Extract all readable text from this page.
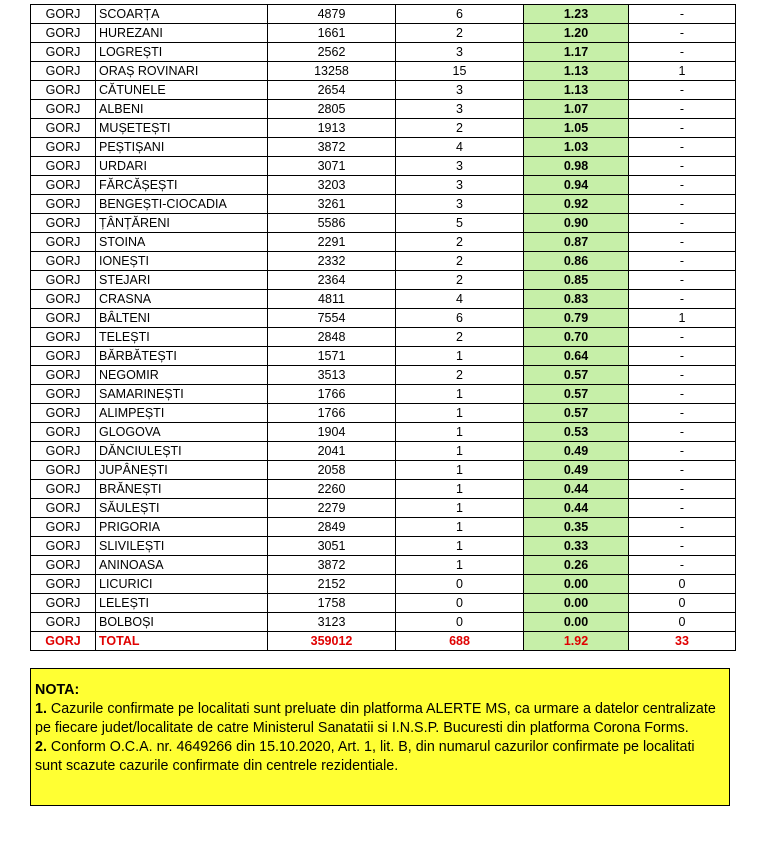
GORJ	SCOARȚA	4879	6	1.23	-
GORJ	HUREZANI	1661	2	1.20	-
GORJ	LOGREȘTI	2562	3	1.17	-
GORJ	ORAȘ ROVINARI	13258	15	1.13	1
GORJ	CĂTUNELE	2654	3	1.13	-
GORJ	ALBENI	2805	3	1.07	-
GORJ	MUȘETEȘTI	1913	2	1.05	-
GORJ	PEȘTIȘANI	3872	4	1.03	-
GORJ	URDARI	3071	3	0.98	-
GORJ	FĂRCĂȘEȘTI	3203	3	0.94	-
GORJ	BENGEȘTI-CIOCADIA	3261	3	0.92	-
GORJ	ȚÂNȚĂRENI	5586	5	0.90	-
GORJ	STOINA	2291	2	0.87	-
GORJ	IONEȘTI	2332	2	0.86	-
GORJ	STEJARI	2364	2	0.85	-
GORJ	CRASNA	4811	4	0.83	-
GORJ	BÂLTENI	7554	6	0.79	1
GORJ	TELEȘTI	2848	2	0.70	-
GORJ	BĂRBĂTEȘTI	1571	1	0.64	-
GORJ	NEGOMIR	3513	2	0.57	-
GORJ	SAMARINEȘTI	1766	1	0.57	-
GORJ	ALIMPEȘTI	1766	1	0.57	-
GORJ	GLOGOVA	1904	1	0.53	-
GORJ	DĂNCIULEȘTI	2041	1	0.49	-
GORJ	JUPÂNEȘTI	2058	1	0.49	-
GORJ	BRĂNEȘTI	2260	1	0.44	-
GORJ	SĂULEȘTI	2279	1	0.44	-
GORJ	PRIGORIA	2849	1	0.35	-
GORJ	SLIVILEȘTI	3051	1	0.33	-
GORJ	ANINOASA	3872	1	0.26	-
GORJ	LICURICI	2152	0	0.00	0
GORJ	LELEȘTI	1758	0	0.00	0
GORJ	BOLBOȘI	3123	0	0.00	0
GORJ	TOTAL	359012	688	1.92	33

NOTA:

1. Cazurile confirmate pe localitati sunt preluate din platforma ALERTE MS, ca urmare a datelor centralizate pe fiecare judet/localitate de catre Ministerul Sanatatii si I.N.S.P. Bucuresti din platforma Corona Forms.

2. Conform O.C.A. nr. 4649266 din 15.10.2020, Art. 1, lit. B, din numarul cazurilor confirmate pe localitati sunt scazute cazurile confirmate din centrele rezidentiale.
